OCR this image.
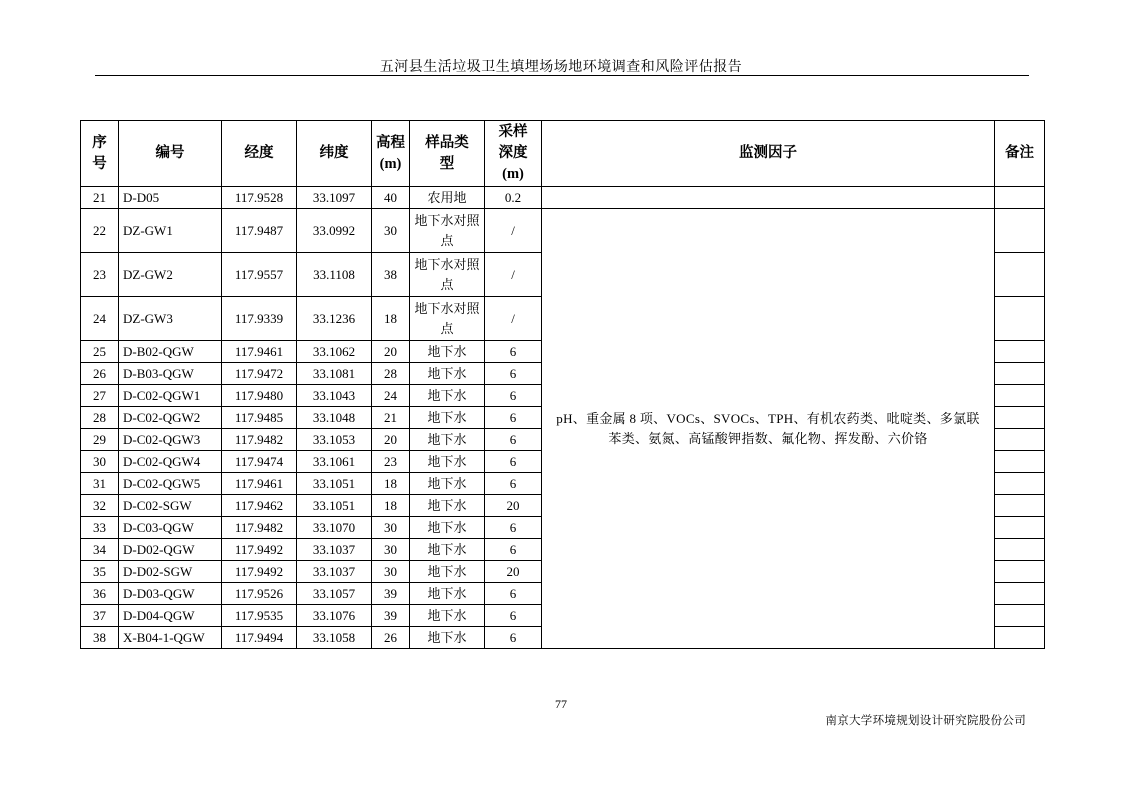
五河县生活垃圾卫生填埋场场地环境调查和风险评估报告
序号	编号	经度	纬度	高程(m)	样品类型	采样深度(m)	监测因子	备注
21	D-D05	117.9528	33.1097	40	农用地	0.2		
22	DZ-GW1	117.9487	33.0992	30	地下水对照点	/	pH、重金属 8 项、VOCs、SVOCs、TPH、有机农药类、吡啶类、多氯联苯类、氨氮、高锰酸钾指数、氟化物、挥发酚、六价铬	
23	DZ-GW2	117.9557	33.1108	38	地下水对照点	/		
24	DZ-GW3	117.9339	33.1236	18	地下水对照点	/		
25	D-B02-QGW	117.9461	33.1062	20	地下水	6		
26	D-B03-QGW	117.9472	33.1081	28	地下水	6		
27	D-C02-QGW1	117.9480	33.1043	24	地下水	6		
28	D-C02-QGW2	117.9485	33.1048	21	地下水	6		
29	D-C02-QGW3	117.9482	33.1053	20	地下水	6		
30	D-C02-QGW4	117.9474	33.1061	23	地下水	6		
31	D-C02-QGW5	117.9461	33.1051	18	地下水	6		
32	D-C02-SGW	117.9462	33.1051	18	地下水	20		
33	D-C03-QGW	117.9482	33.1070	30	地下水	6		
34	D-D02-QGW	117.9492	33.1037	30	地下水	6		
35	D-D02-SGW	117.9492	33.1037	30	地下水	20		
36	D-D03-QGW	117.9526	33.1057	39	地下水	6		
37	D-D04-QGW	117.9535	33.1076	39	地下水	6		
38	X-B04-1-QGW	117.9494	33.1058	26	地下水	6		
77
南京大学环境规划设计研究院股份公司
